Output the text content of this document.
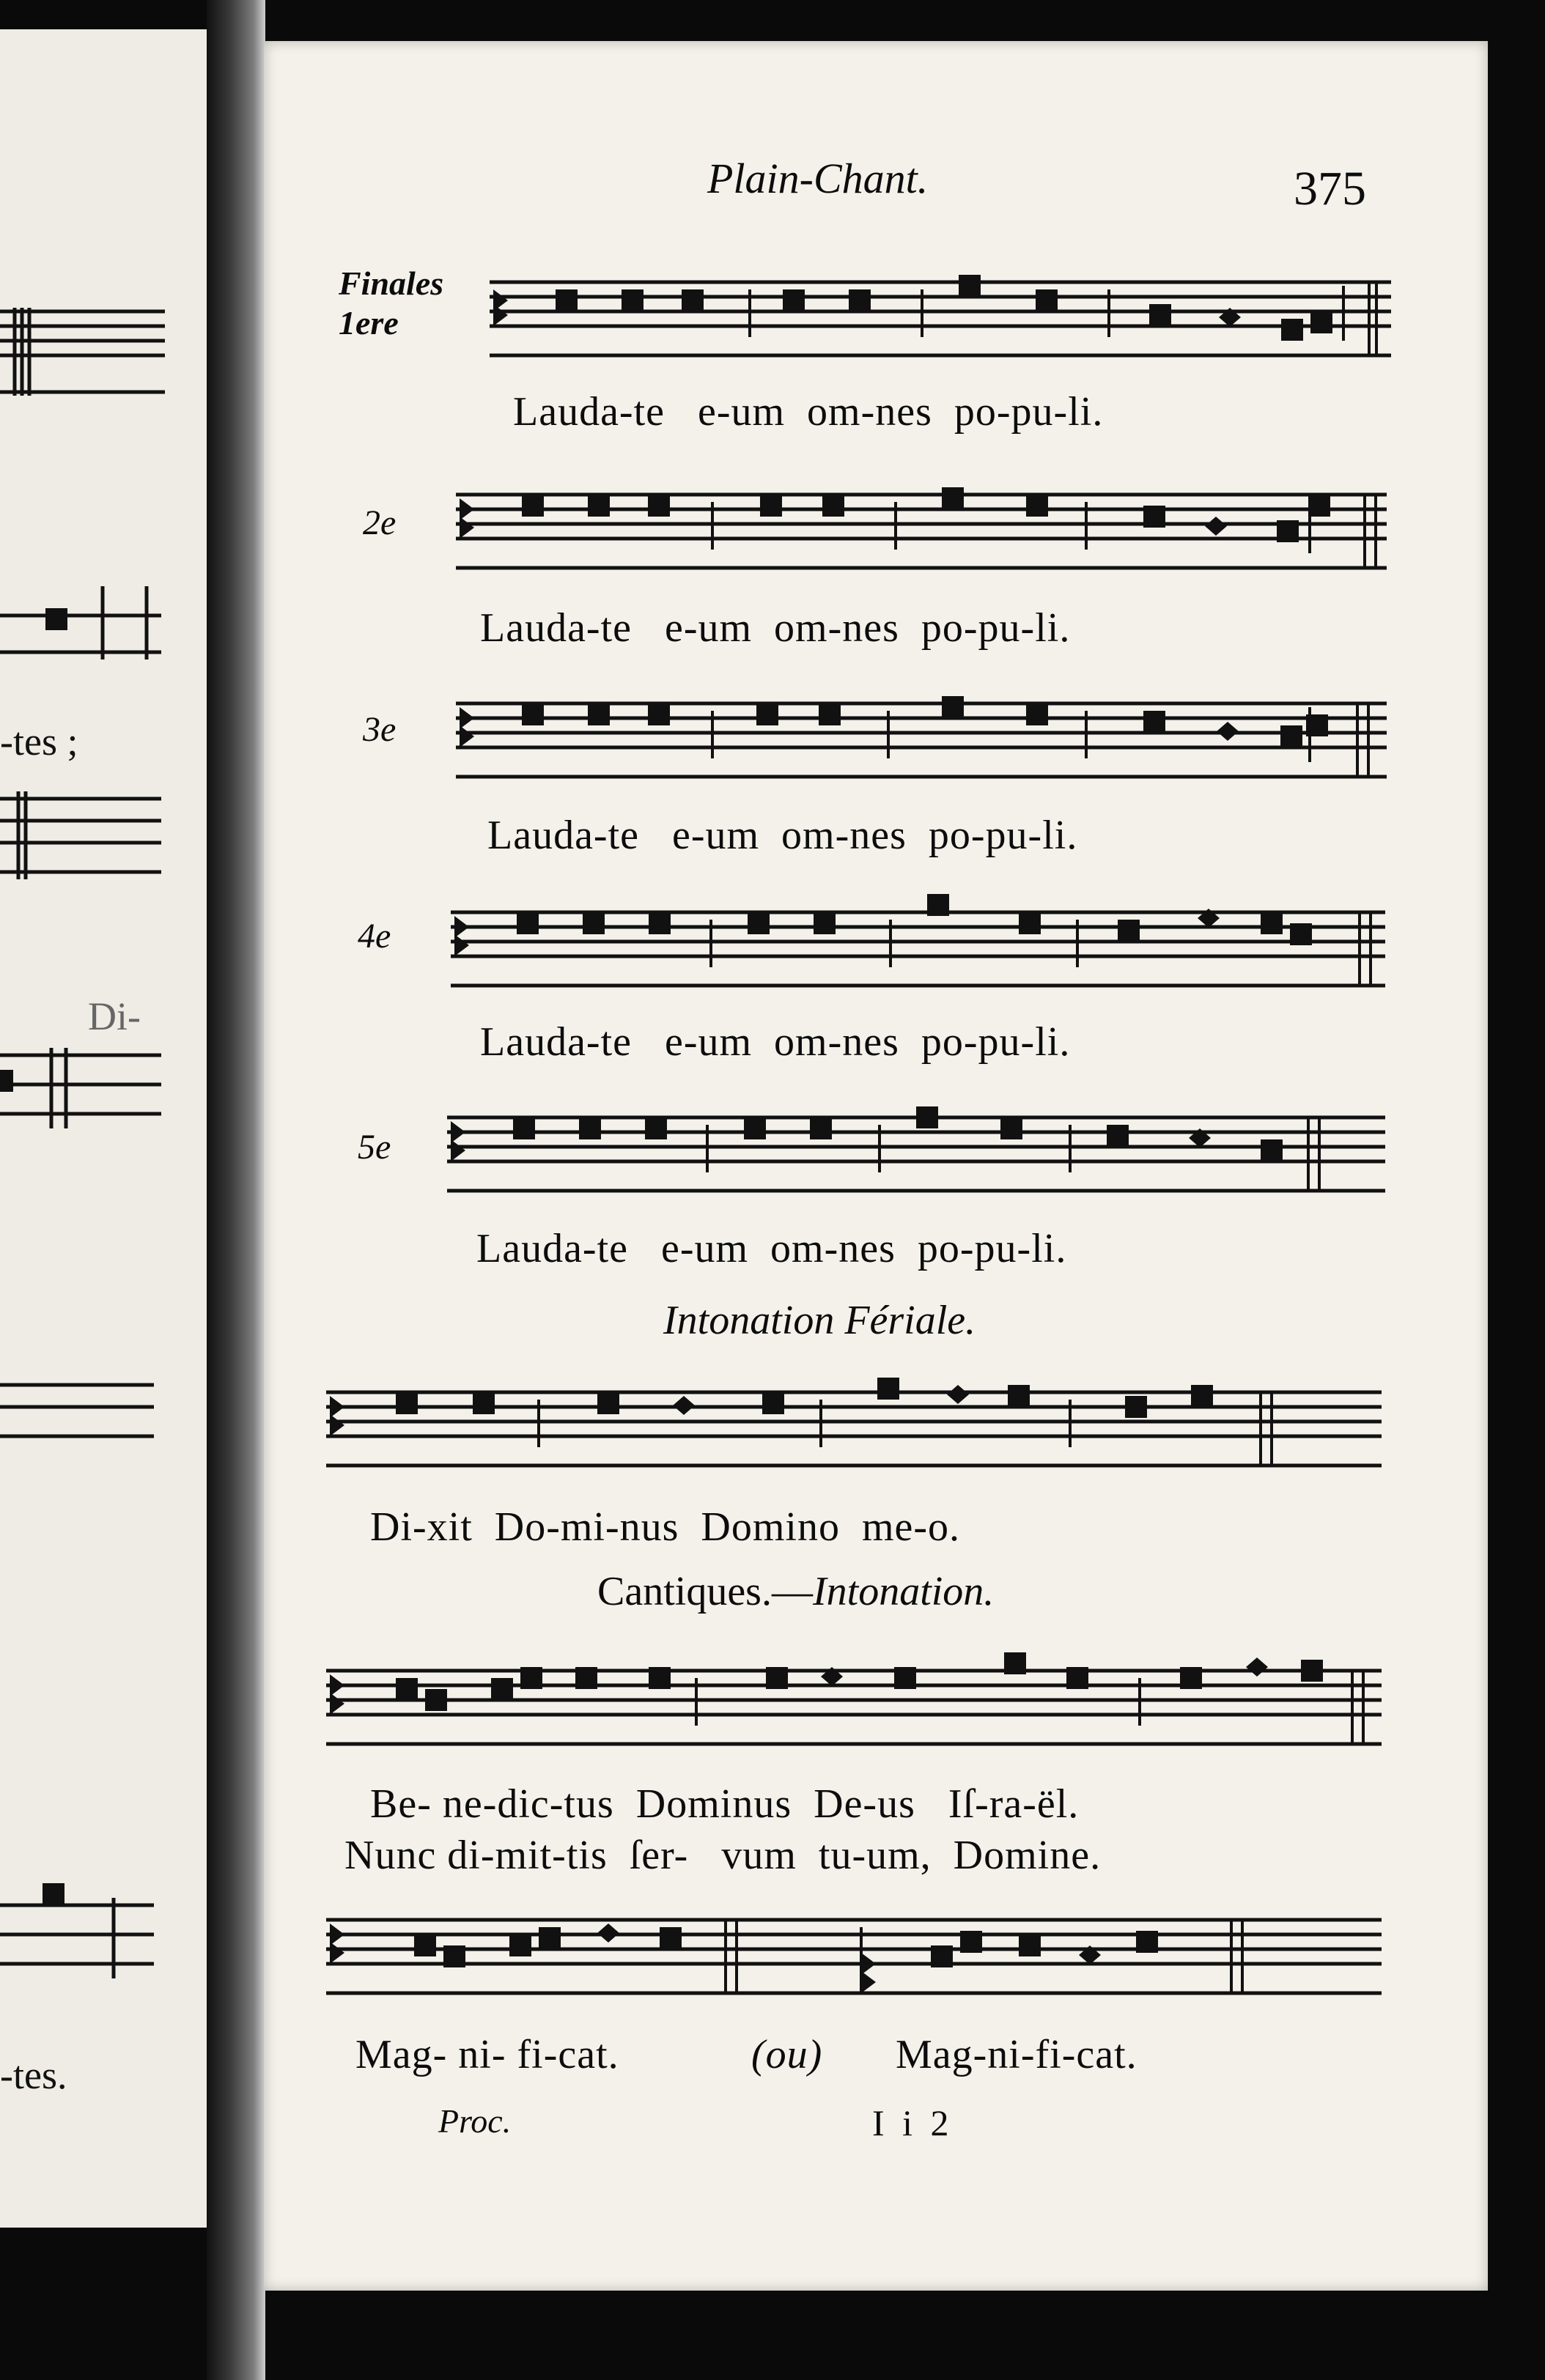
-tes ;
Di-
-tes.
Plain-Chant.	375
Finales
1ere
Lauda-te   e-um  om-nes  po-pu-li.
2e
Lauda-te   e-um  om-nes  po-pu-li.
3e
Lauda-te   e-um  om-nes  po-pu-li.
4e
Lauda-te   e-um  om-nes  po-pu-li.
5e
Lauda-te   e-um  om-nes  po-pu-li.
Intonation Fériale.
Di-xit  Do-mi-nus  Domino  me-o.
Cantiques.—Intonation.
Be- ne-dic-tus  Dominus  De-us   Iſ-ra-ël.
Nunc di-mit-tis  ſer-   vum  tu-um,  Domine.
Mag- ni- fi-cat.	(ou) Mag-ni-fi-cat.
Proc.	I i 2
